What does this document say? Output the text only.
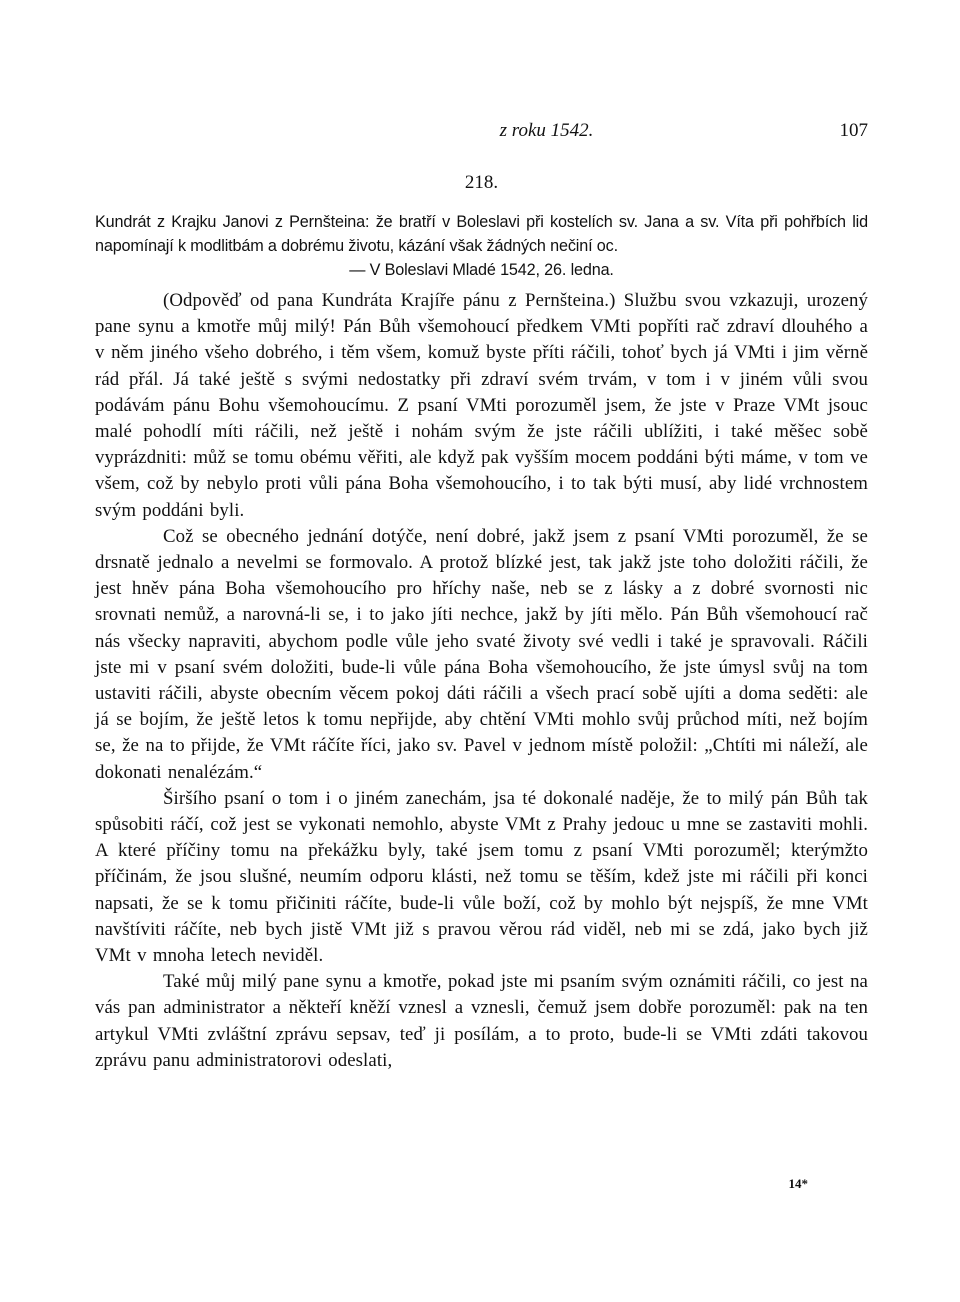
z roku 1542.	107
218.
Kundrát z Krajku Janovi z Pernšteina: že bratří v Boleslavi při kostelích sv. Jana a sv. Víta při pohřbích lid napomínají k modlitbám a dobrému životu, kázání však žádných nečiní oc.
— V Boleslavi Mladé 1542, 26. ledna.

(Odpověď od pana Kundráta Krajíře pánu z Pernšteina.) Službu svou vzkazuji, urozený pane synu a kmotře můj milý! Pán Bůh všemohoucí předkem VMti popříti rač zdraví dlouhého a v něm jiného všeho dobrého, i těm všem, komuž byste příti ráčili, tohoť bych já VMti i jim věrně rád přál. Já také ještě s svými nedostatky při zdraví svém trvám, v tom i v jiném vůli svou podávám pánu Bohu všemohoucímu. Z psaní VMti porozuměl jsem, že jste v Praze VMt jsouc malé pohodlí míti ráčili, než ještě i nohám svým že jste ráčili ublížiti, i také měšec sobě vyprázdniti: můž se tomu obému věřiti, ale když pak vyšším mocem poddáni býti máme, v tom ve všem, což by nebylo proti vůli pána Boha všemohoucího, i to tak býti musí, aby lidé vrchnostem svým poddáni byli.

Což se obecného jednání dotýče, není dobré, jakž jsem z psaní VMti porozuměl, že se drsnatě jednalo a nevelmi se formovalo. A protož blízké jest, tak jakž jste toho doložiti ráčili, že jest hněv pána Boha všemohoucího pro hříchy naše, neb se z lásky a z dobré svornosti nic srovnati nemůž, a narovná-li se, i to jako jíti nechce, jakž by jíti mělo. Pán Bůh všemohoucí rač nás všecky napraviti, abychom podle vůle jeho svaté životy své vedli i také je spravovali. Ráčili jste mi v psaní svém doložiti, bude-li vůle pána Boha všemohoucího, že jste úmysl svůj na tom ustaviti ráčili, abyste obecním věcem pokoj dáti ráčili a všech prací sobě ujíti a doma seděti: ale já se bojím, že ještě letos k tomu nepřijde, aby chtění VMti mohlo svůj průchod míti, než bojím se, že na to přijde, že VMt ráčíte říci, jako sv. Pavel v jednom místě položil: „Chtíti mi náleží, ale dokonati nenalézám.“

Širšího psaní o tom i o jiném zanechám, jsa té dokonalé naděje, že to milý pán Bůh tak spůsobiti ráčí, což jest se vykonati nemohlo, abyste VMt z Prahy jedouc u mne se zastaviti mohli. A které příčiny tomu na překážku byly, také jsem tomu z psaní VMti porozuměl; kterýmžto příčinám, že jsou slušné, neumím odporu klásti, než tomu se těším, kdež jste mi ráčili při konci napsati, že se k tomu přičiniti ráčíte, bude-li vůle boží, což by mohlo být nejspíš, že mne VMt navštíviti ráčíte, neb bych jistě VMt již s pravou věrou rád viděl, neb mi se zdá, jako bych již VMt v mnoha letech neviděl.

Také můj milý pane synu a kmotře, pokad jste mi psaním svým oznámiti ráčili, co jest na vás pan administrator a někteří kněží vznesl a vznesli, čemuž jsem dobře porozuměl: pak na ten artykul VMti zvláštní zprávu sepsav, teď ji posílám, a to proto, bude-li se VMti zdáti takovou zprávu panu administratorovi odeslati,

14*
